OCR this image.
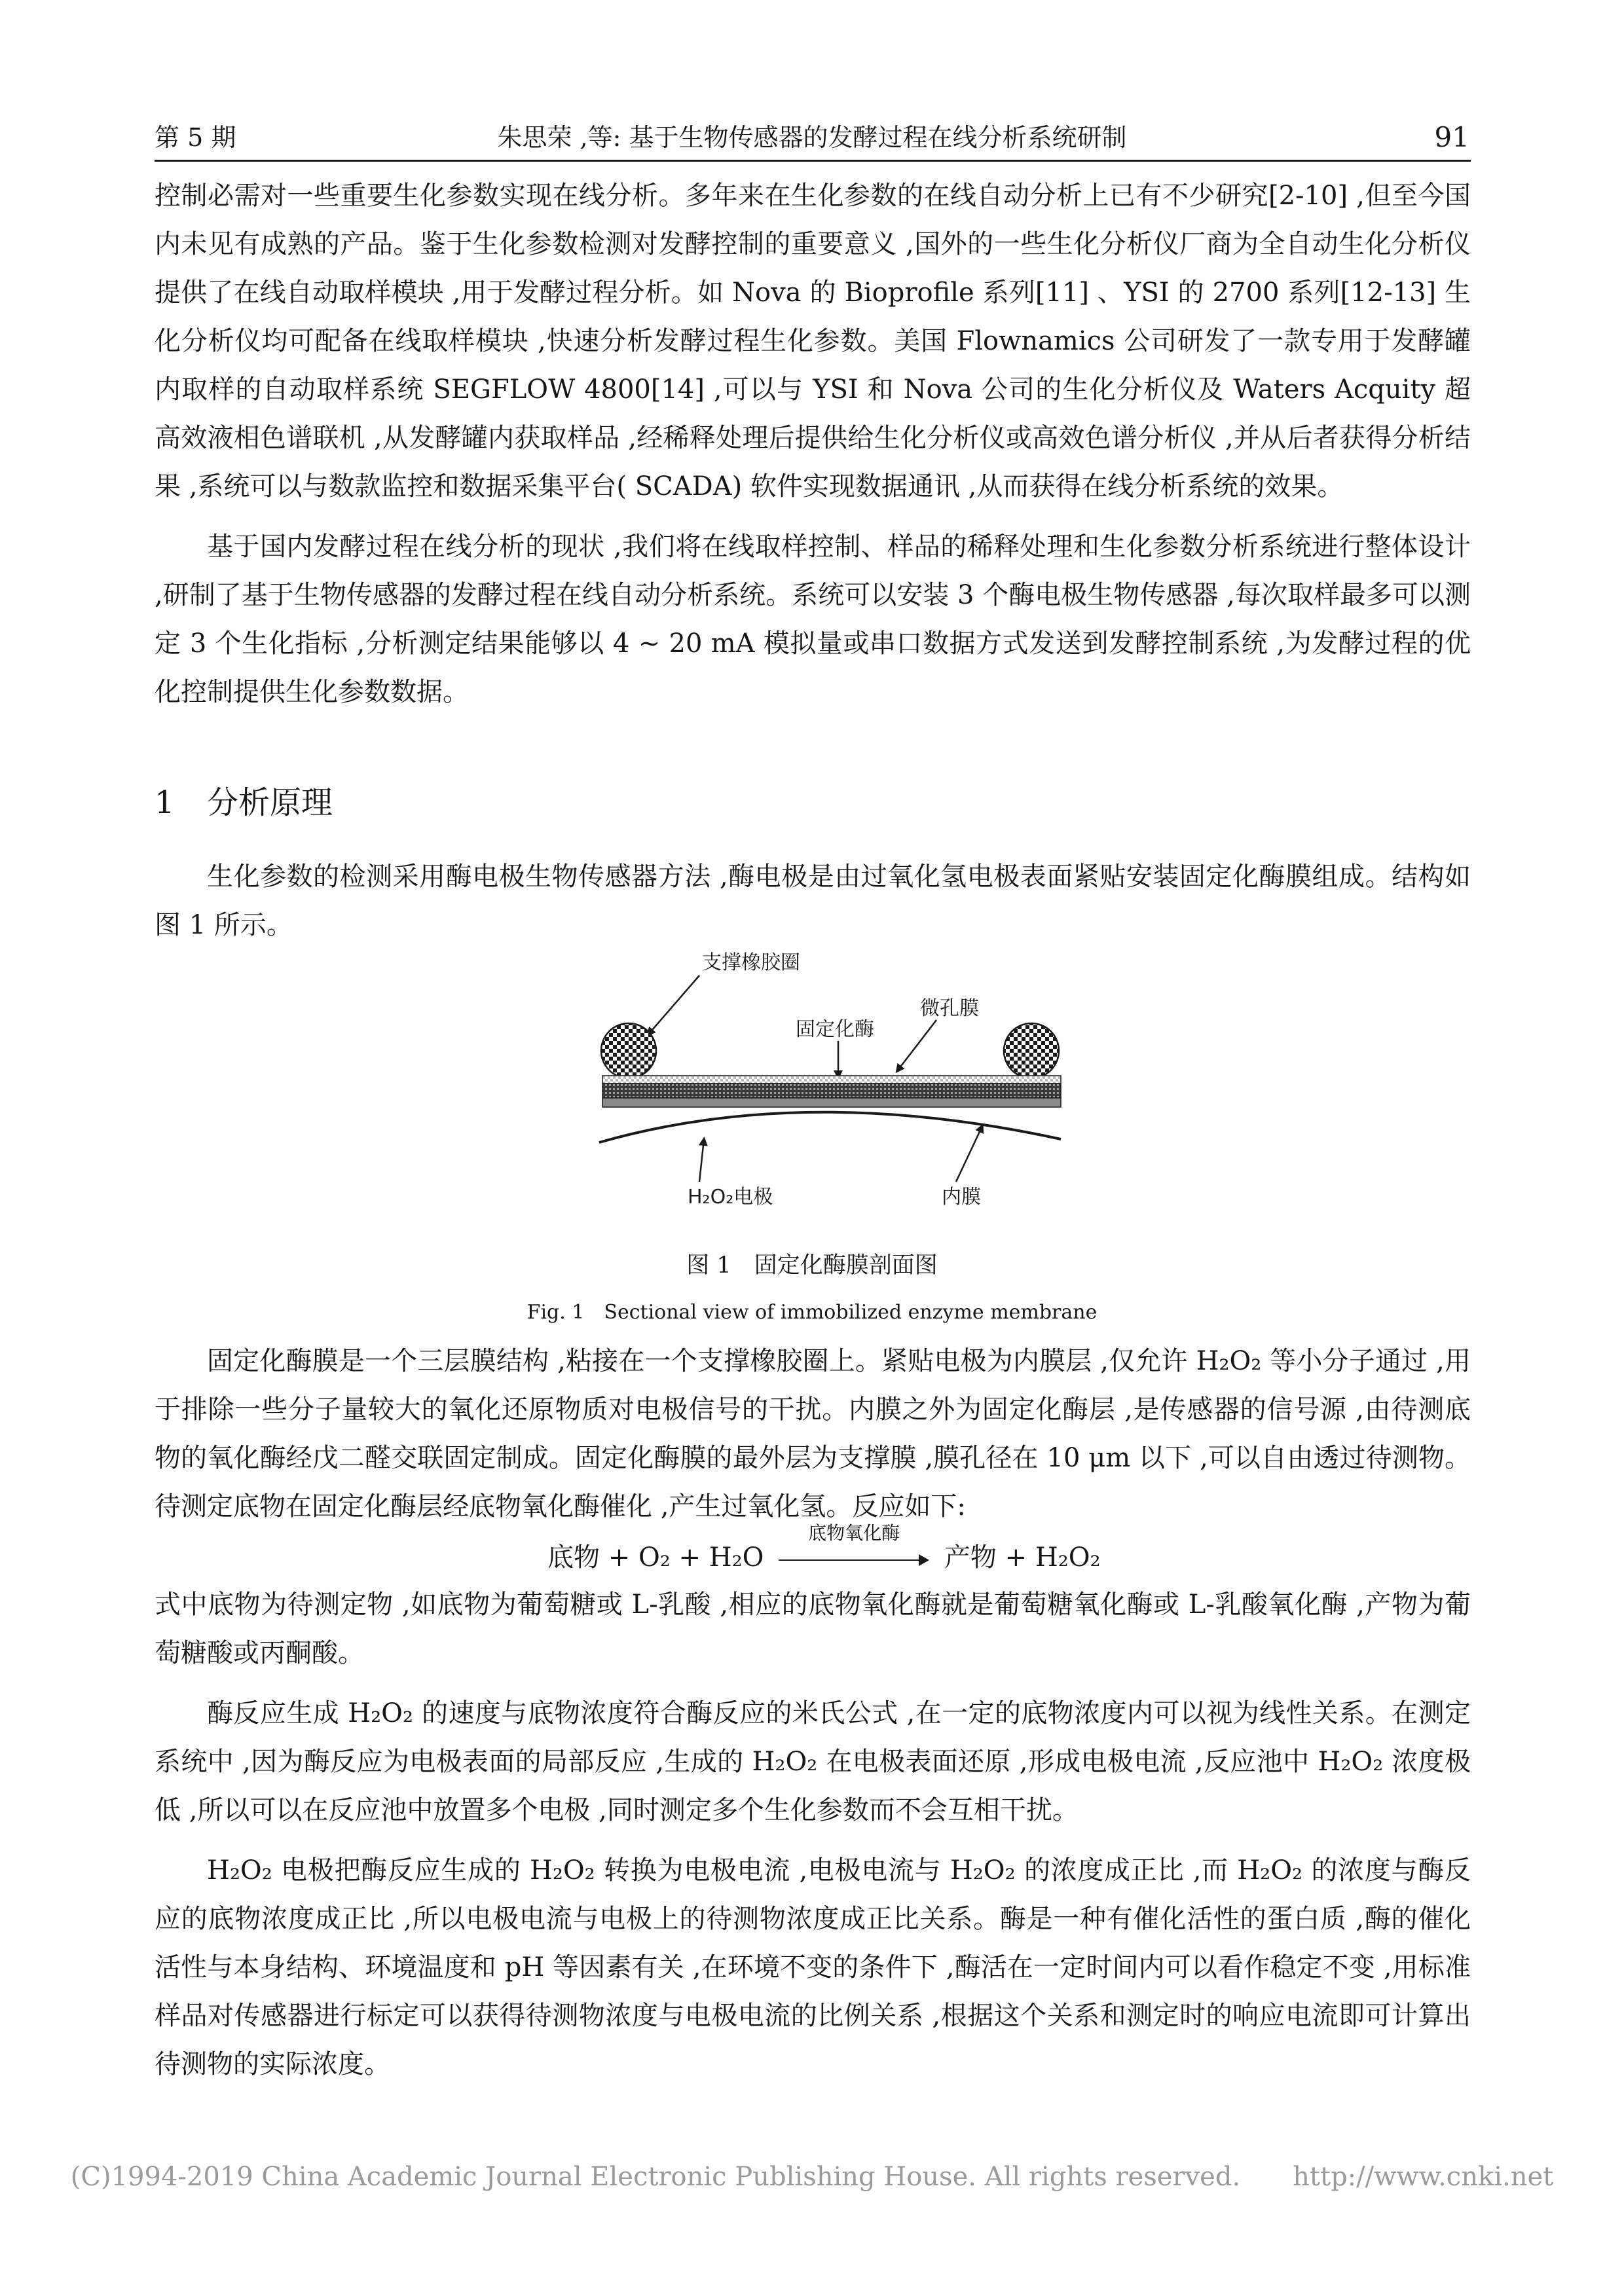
第 5 期	朱思荣 ,等: 基于生物传感器的发酵过程在线分析系统研制	91

控制必需对一些重要生化参数实现在线分析。多年来在生化参数的在线自动分析上已有不少研究[2-10] ,但至今国内未见有成熟的产品。鉴于生化参数检测对发酵控制的重要意义 ,国外的一些生化分析仪厂商为全自动生化分析仪提供了在线自动取样模块 ,用于发酵过程分析。如 Nova 的 Bioprofile 系列[11] 、YSI 的 2700 系列[12-13] 生化分析仪均可配备在线取样模块 ,快速分析发酵过程生化参数。美国 Flownamics 公司研发了一款专用于发酵罐内取样的自动取样系统 SEGFLOW 4800[14] ,可以与 YSI 和 Nova 公司的生化分析仪及 Waters Acquity 超高效液相色谱联机 ,从发酵罐内获取样品 ,经稀释处理后提供给生化分析仪或高效色谱分析仪 ,并从后者获得分析结果 ,系统可以与数款监控和数据采集平台( SCADA) 软件实现数据通讯 ,从而获得在线分析系统的效果。

基于国内发酵过程在线分析的现状 ,我们将在线取样控制、样品的稀释处理和生化参数分析系统进行整体设计 ,研制了基于生物传感器的发酵过程在线自动分析系统。系统可以安装 3 个酶电极生物传感器 ,每次取样最多可以测定 3 个生化指标 ,分析测定结果能够以 4 ~ 20 mA 模拟量或串口数据方式发送到发酵控制系统 ,为发酵过程的优化控制提供生化参数数据。

1 分析原理

生化参数的检测采用酶电极生物传感器方法 ,酶电极是由过氧化氢电极表面紧贴安装固定化酶膜组成。结构如图 1 所示。

支撑橡胶圈
固定化酶
微孔膜
H₂O₂电极	内膜
图 1　固定化酶膜剖面图
Fig. 1　Sectional view of immobilized enzyme membrane

固定化酶膜是一个三层膜结构 ,粘接在一个支撑橡胶圈上。紧贴电极为内膜层 ,仅允许 H₂O₂ 等小分子通过 ,用于排除一些分子量较大的氧化还原物质对电极信号的干扰。内膜之外为固定化酶层 ,是传感器的信号源 ,由待测底物的氧化酶经戊二醛交联固定制成。固定化酶膜的最外层为支撑膜 ,膜孔径在 10 μm 以下 ,可以自由透过待测物。待测定底物在固定化酶层经底物氧化酶催化 ,产生过氧化氢。反应如下:

底物 + O₂ + H₂O
底物氧化酶
产物 + H₂O₂

式中底物为待测定物 ,如底物为葡萄糖或 L-乳酸 ,相应的底物氧化酶就是葡萄糖氧化酶或 L-乳酸氧化酶 ,产物为葡萄糖酸或丙酮酸。

酶反应生成 H₂O₂ 的速度与底物浓度符合酶反应的米氏公式 ,在一定的底物浓度内可以视为线性关系。在测定系统中 ,因为酶反应为电极表面的局部反应 ,生成的 H₂O₂ 在电极表面还原 ,形成电极电流 ,反应池中 H₂O₂ 浓度极低 ,所以可以在反应池中放置多个电极 ,同时测定多个生化参数而不会互相干扰。

H₂O₂ 电极把酶反应生成的 H₂O₂ 转换为电极电流 ,电极电流与 H₂O₂ 的浓度成正比 ,而 H₂O₂ 的浓度与酶反应的底物浓度成正比 ,所以电极电流与电极上的待测物浓度成正比关系。酶是一种有催化活性的蛋白质 ,酶的催化活性与本身结构、环境温度和 pH 等因素有关 ,在环境不变的条件下 ,酶活在一定时间内可以看作稳定不变 ,用标准样品对传感器进行标定可以获得待测物浓度与电极电流的比例关系 ,根据这个关系和测定时的响应电流即可计算出待测物的实际浓度。

(C)1994-2019 China Academic Journal Electronic Publishing House. All rights reserved.　　http://www.cnki.net
